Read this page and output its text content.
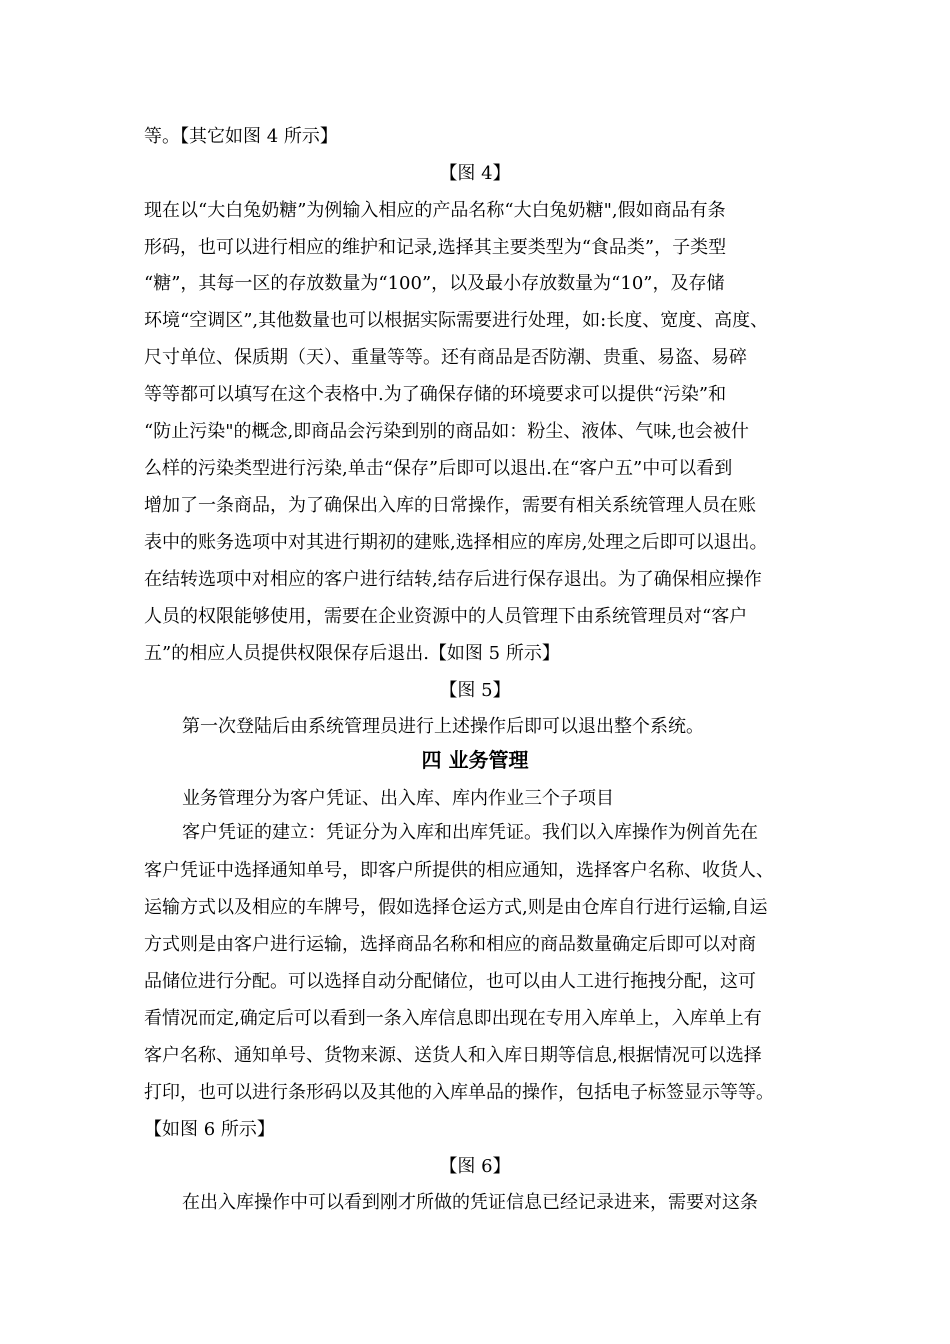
等。【其它如图 4 所示】
【图 4】
现在以“大白兔奶糖”为例输入相应的产品名称“大白兔奶糖",假如商品有条
形码，也可以进行相应的维护和记录,选择其主要类型为“食品类”，子类型
“糖”，其每一区的存放数量为“100”，以及最小存放数量为“10”，及存储
环境“空调区”,其他数量也可以根据实际需要进行处理，如:长度、宽度、高度、
尺寸单位、保质期（天）、重量等等。还有商品是否防潮、贵重、易盗、易碎
等等都可以填写在这个表格中.为了确保存储的环境要求可以提供“污染”和
“防止污染"的概念,即商品会污染到别的商品如：粉尘、液体、气味,也会被什
么样的污染类型进行污染,单击“保存”后即可以退出.在“客户五”中可以看到
增加了一条商品，为了确保出入库的日常操作，需要有相关系统管理人员在账
表中的账务选项中对其进行期初的建账,选择相应的库房,处理之后即可以退出。
在结转选项中对相应的客户进行结转,结存后进行保存退出。为了确保相应操作
人员的权限能够使用，需要在企业资源中的人员管理下由系统管理员对“客户
五”的相应人员提供权限保存后退出.【如图 5 所示】
【图 5】
第一次登陆后由系统管理员进行上述操作后即可以退出整个系统。
四 业务管理
业务管理分为客户凭证、出入库、库内作业三个子项目
客户凭证的建立：凭证分为入库和出库凭证。我们以入库操作为例首先在
客户凭证中选择通知单号，即客户所提供的相应通知，选择客户名称、收货人、
运输方式以及相应的车牌号，假如选择仓运方式,则是由仓库自行进行运输,自运
方式则是由客户进行运输，选择商品名称和相应的商品数量确定后即可以对商
品储位进行分配。可以选择自动分配储位，也可以由人工进行拖拽分配，这可
看情况而定,确定后可以看到一条入库信息即出现在专用入库单上，入库单上有
客户名称、通知单号、货物来源、送货人和入库日期等信息,根据情况可以选择
打印，也可以进行条形码以及其他的入库单品的操作，包括电子标签显示等等。
【如图 6 所示】
【图 6】
在出入库操作中可以看到刚才所做的凭证信息已经记录进来，需要对这条
